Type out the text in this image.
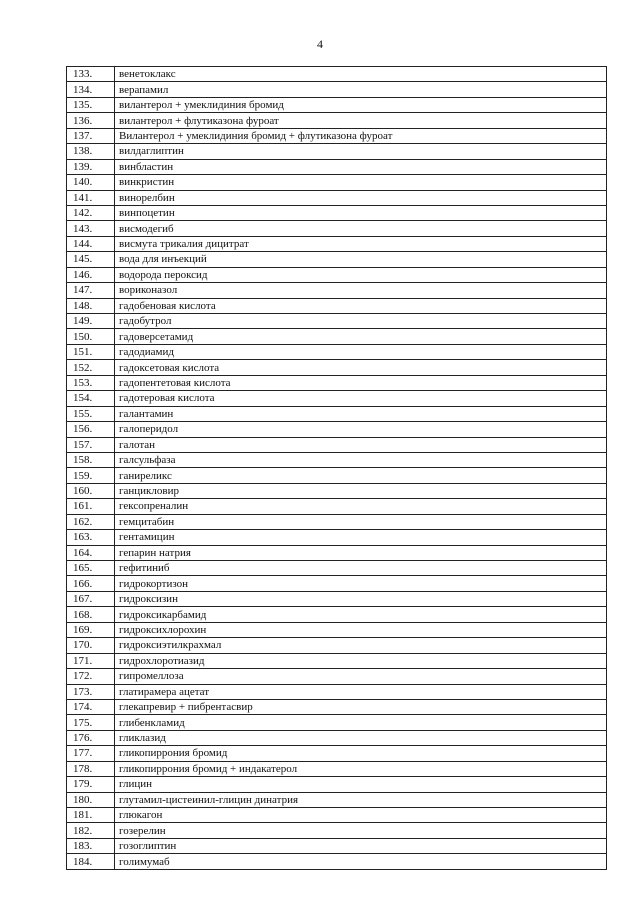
4
133.	венетоклакс
134.	верапамил
135.	вилантерол + умеклидиния бромид
136.	вилантерол + флутиказона фуроат
137.	Вилантерол + умеклидиния бромид + флутиказона фуроат
138.	вилдаглиптин
139.	винбластин
140.	винкристин
141.	винорелбин
142.	винпоцетин
143.	висмодегиб
144.	висмута трикалия дицитрат
145.	вода для инъекций
146.	водорода пероксид
147.	вориконазол
148.	гадобеновая кислота
149.	гадобутрол
150.	гадоверсетамид
151.	гадодиамид
152.	гадоксетовая кислота
153.	гадопентетовая кислота
154.	гадотеровая кислота
155.	галантамин
156.	галоперидол
157.	галотан
158.	галсульфаза
159.	ганиреликс
160.	ганцикловир
161.	гексопреналин
162.	гемцитабин
163.	гентамицин
164.	гепарин натрия
165.	гефитиниб
166.	гидрокортизон
167.	гидроксизин
168.	гидроксикарбамид
169.	гидроксихлорохин
170.	гидроксиэтилкрахмал
171.	гидрохлоротиазид
172.	гипромеллоза
173.	глатирамера ацетат
174.	глекапревир + пибрентасвир
175.	глибенкламид
176.	гликлазид
177.	гликопиррония бромид
178.	гликопиррония бромид + индакатерол
179.	глицин
180.	глутамил-цистеинил-глицин динатрия
181.	глюкагон
182.	гозерелин
183.	гозоглиптин
184.	голимумаб
